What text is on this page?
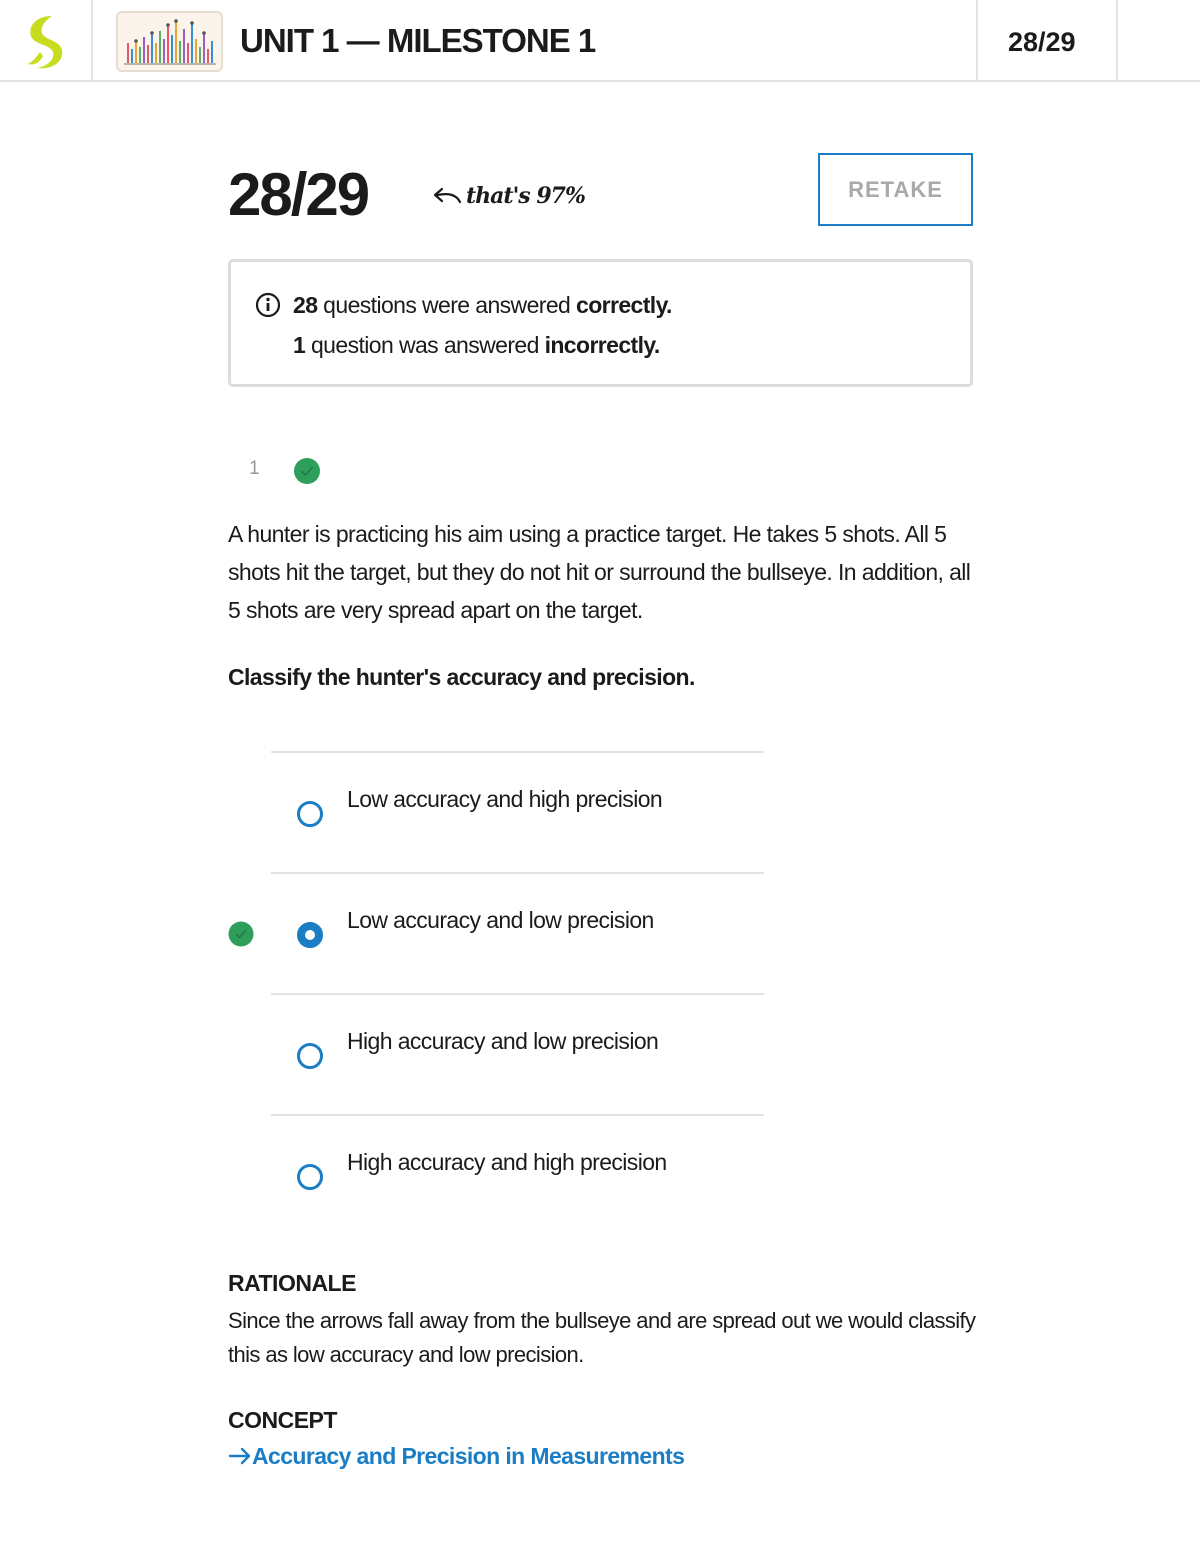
UNIT 1 — MILESTONE 1	28/29
28/29	that's 97%	RETAKE
28 questions were answered correctly.
1 question was answered incorrectly.
1
A hunter is practicing his aim using a practice target. He takes 5 shots. All 5 shots hit the target, but they do not hit or surround the bullseye. In addition, all 5 shots are very spread apart on the target.
Classify the hunter's accuracy and precision.
Low accuracy and high precision
Low accuracy and low precision
High accuracy and low precision
High accuracy and high precision
RATIONALE
Since the arrows fall away from the bullseye and are spread out we would classify this as low accuracy and low precision.
CONCEPT
Accuracy and Precision in Measurements
